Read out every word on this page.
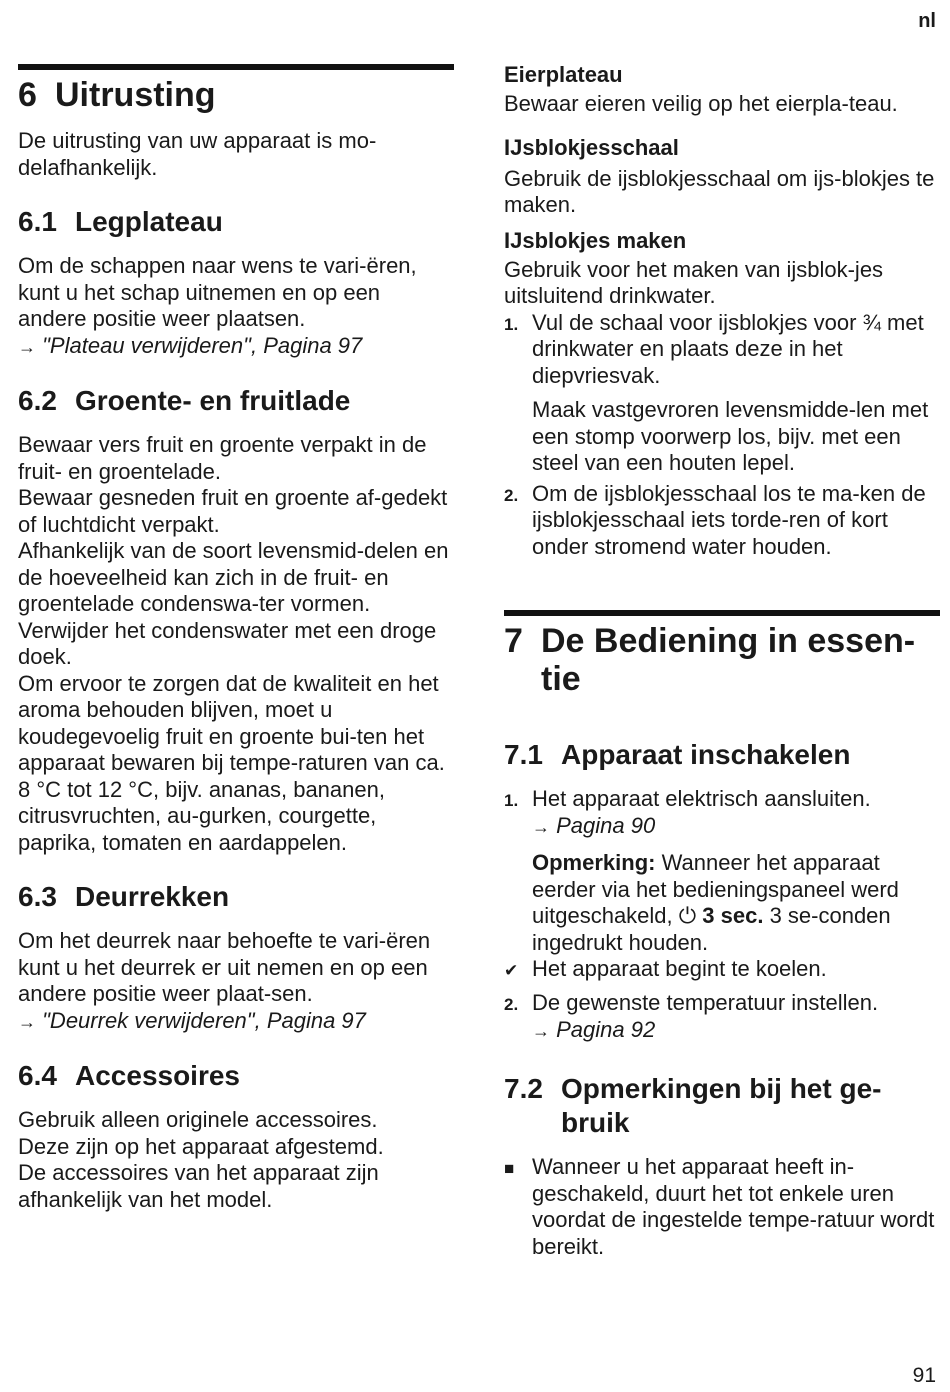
nl
6 Uitrusting

De uitrusting van uw apparaat is mo-delafhankelijk.

6.1 Legplateau

Om de schappen naar wens te vari-ëren, kunt u het schap uitnemen en op een andere positie weer plaatsen.

→ "Plateau verwijderen", Pagina 97

6.2 Groente- en fruitlade

Bewaar vers fruit en groente verpakt in de fruit- en groentelade.

Bewaar gesneden fruit en groente af-gedekt of luchtdicht verpakt.

Afhankelijk van de soort levensmid-delen en de hoeveelheid kan zich in de fruit- en groentelade condenswa-ter vormen.

Verwijder het condenswater met een droge doek.

Om ervoor te zorgen dat de kwaliteit en het aroma behouden blijven, moet u koudegevoelig fruit en groente bui-ten het apparaat bewaren bij tempe-raturen van ca. 8 °C tot 12 °C, bijv. ananas, bananen, citrusvruchten, au-gurken, courgette, paprika, tomaten en aardappelen.

6.3 Deurrekken

Om het deurrek naar behoefte te vari-ëren kunt u het deurrek er uit nemen en op een andere positie weer plaat-sen.

→ "Deurrek verwijderen", Pagina 97

6.4 Accessoires

Gebruik alleen originele accessoires.

Deze zijn op het apparaat afgestemd.

De accessoires van het apparaat zijn afhankelijk van het model.

Eierplateau

Bewaar eieren veilig op het eierpla-teau.

IJsblokjesschaal

Gebruik de ijsblokjesschaal om ijs-blokjes te maken.

IJsblokjes maken

Gebruik voor het maken van ijsblok-jes uitsluitend drinkwater.

1. Vul de schaal voor ijsblokjes voor ¾ met drinkwater en plaats deze in het diepvriesvak.
Maak vastgevroren levensmidde-len met een stomp voorwerp los, bijv. met een steel van een houten lepel.
2. Om de ijsblokjesschaal los te ma-ken de ijsblokjesschaal iets torde-ren of kort onder stromend water houden.
7 De Bediening in essen-tie
7.1 Apparaat inschakelen
1. Het apparaat elektrisch aansluiten.
→ Pagina 90
Opmerking: Wanneer het apparaat eerder via het bedieningspaneel werd uitgeschakeld, ⏻ 3 sec. 3 se-conden ingedrukt houden.
✔ Het apparaat begint te koelen.
2. De gewenste temperatuur instellen.
→ Pagina 92
7.2 Opmerkingen bij het ge-bruik
■ Wanneer u het apparaat heeft in-geschakeld, duurt het tot enkele uren voordat de ingestelde tempe-ratuur wordt bereikt.
91
